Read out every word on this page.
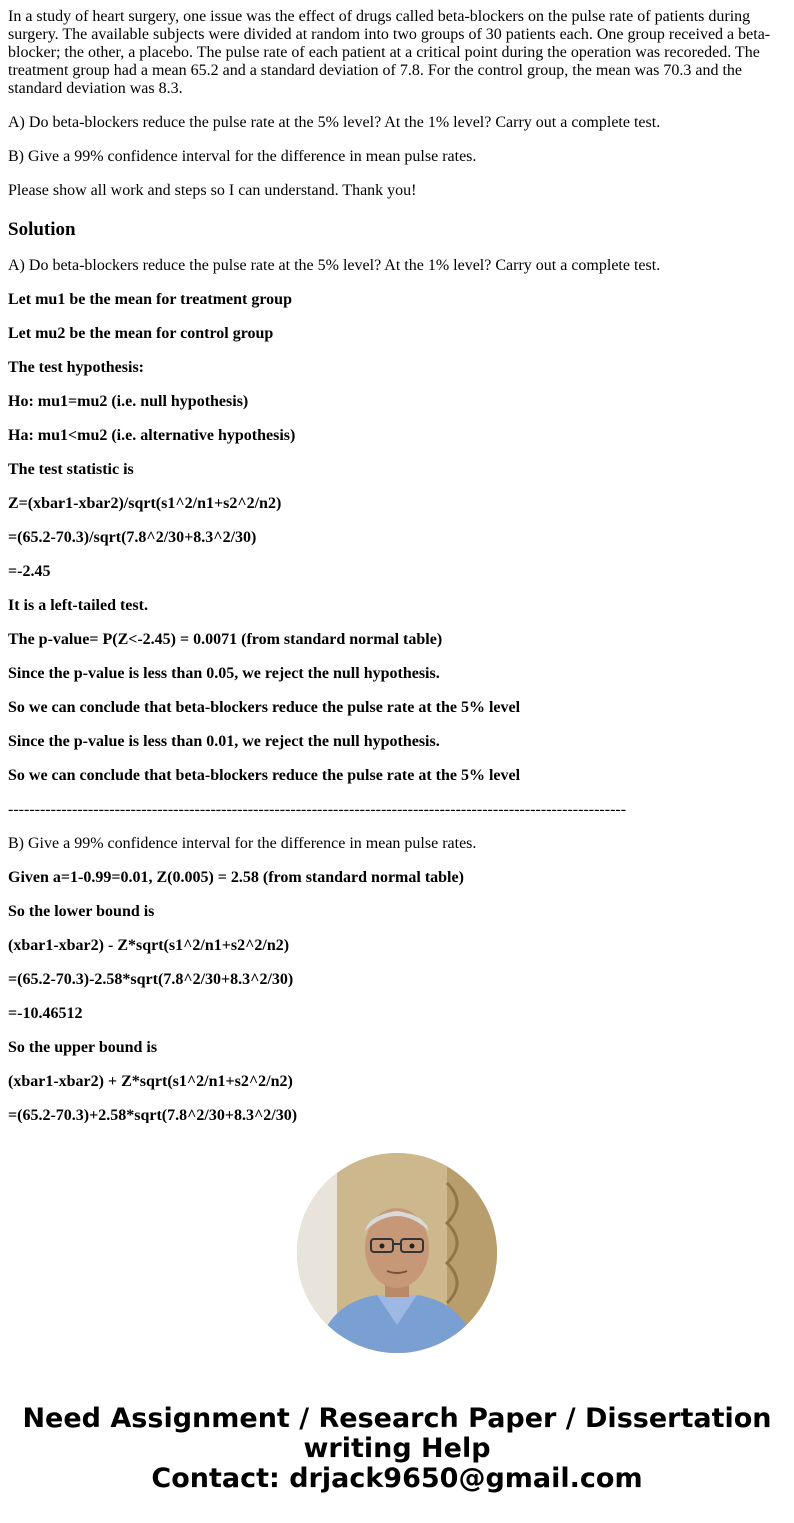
In a study of heart surgery, one issue was the effect of drugs called beta-blockers on the pulse rate of patients during surgery. The available subjects were divided at random into two groups of 30 patients each. One group received a beta-blocker; the other, a placebo. The pulse rate of each patient at a critical point during the operation was recoreded. The treatment group had a mean 65.2 and a standard deviation of 7.8. For the control group, the mean was 70.3 and the standard deviation was 8.3.

A) Do beta-blockers reduce the pulse rate at the 5% level? At the 1% level? Carry out a complete test.

B) Give a 99% confidence interval for the difference in mean pulse rates.

Please show all work and steps so I can understand. Thank you!

Solution

A) Do beta-blockers reduce the pulse rate at the 5% level? At the 1% level? Carry out a complete test.

Let mu1 be the mean for treatment group

Let mu2 be the mean for control group

The test hypothesis:

Ho: mu1=mu2 (i.e. null hypothesis)

Ha: mu1<mu2 (i.e. alternative hypothesis)

The test statistic is

Z=(xbar1-xbar2)/sqrt(s1^2/n1+s2^2/n2)

=(65.2-70.3)/sqrt(7.8^2/30+8.3^2/30)

=-2.45

It is a left-tailed test.

The p-value= P(Z<-2.45) = 0.0071 (from standard normal table)

Since the p-value is less than 0.05, we reject the null hypothesis.

So we can conclude that beta-blockers reduce the pulse rate at the 5% level

Since the p-value is less than 0.01, we reject the null hypothesis.

So we can conclude that beta-blockers reduce the pulse rate at the 5% level

--------------------------------------------------------------------------------------------------------------------

B) Give a 99% confidence interval for the difference in mean pulse rates.

Given a=1-0.99=0.01, Z(0.005) = 2.58 (from standard normal table)

So the lower bound is

(xbar1-xbar2) - Z*sqrt(s1^2/n1+s2^2/n2)

=(65.2-70.3)-2.58*sqrt(7.8^2/30+8.3^2/30)

=-10.46512

So the upper bound is

(xbar1-xbar2) + Z*sqrt(s1^2/n1+s2^2/n2)

=(65.2-70.3)+2.58*sqrt(7.8^2/30+8.3^2/30)

Need Assignment / Research Paper / Dissertation
writing Help
Contact: drjack9650@gmail.com
